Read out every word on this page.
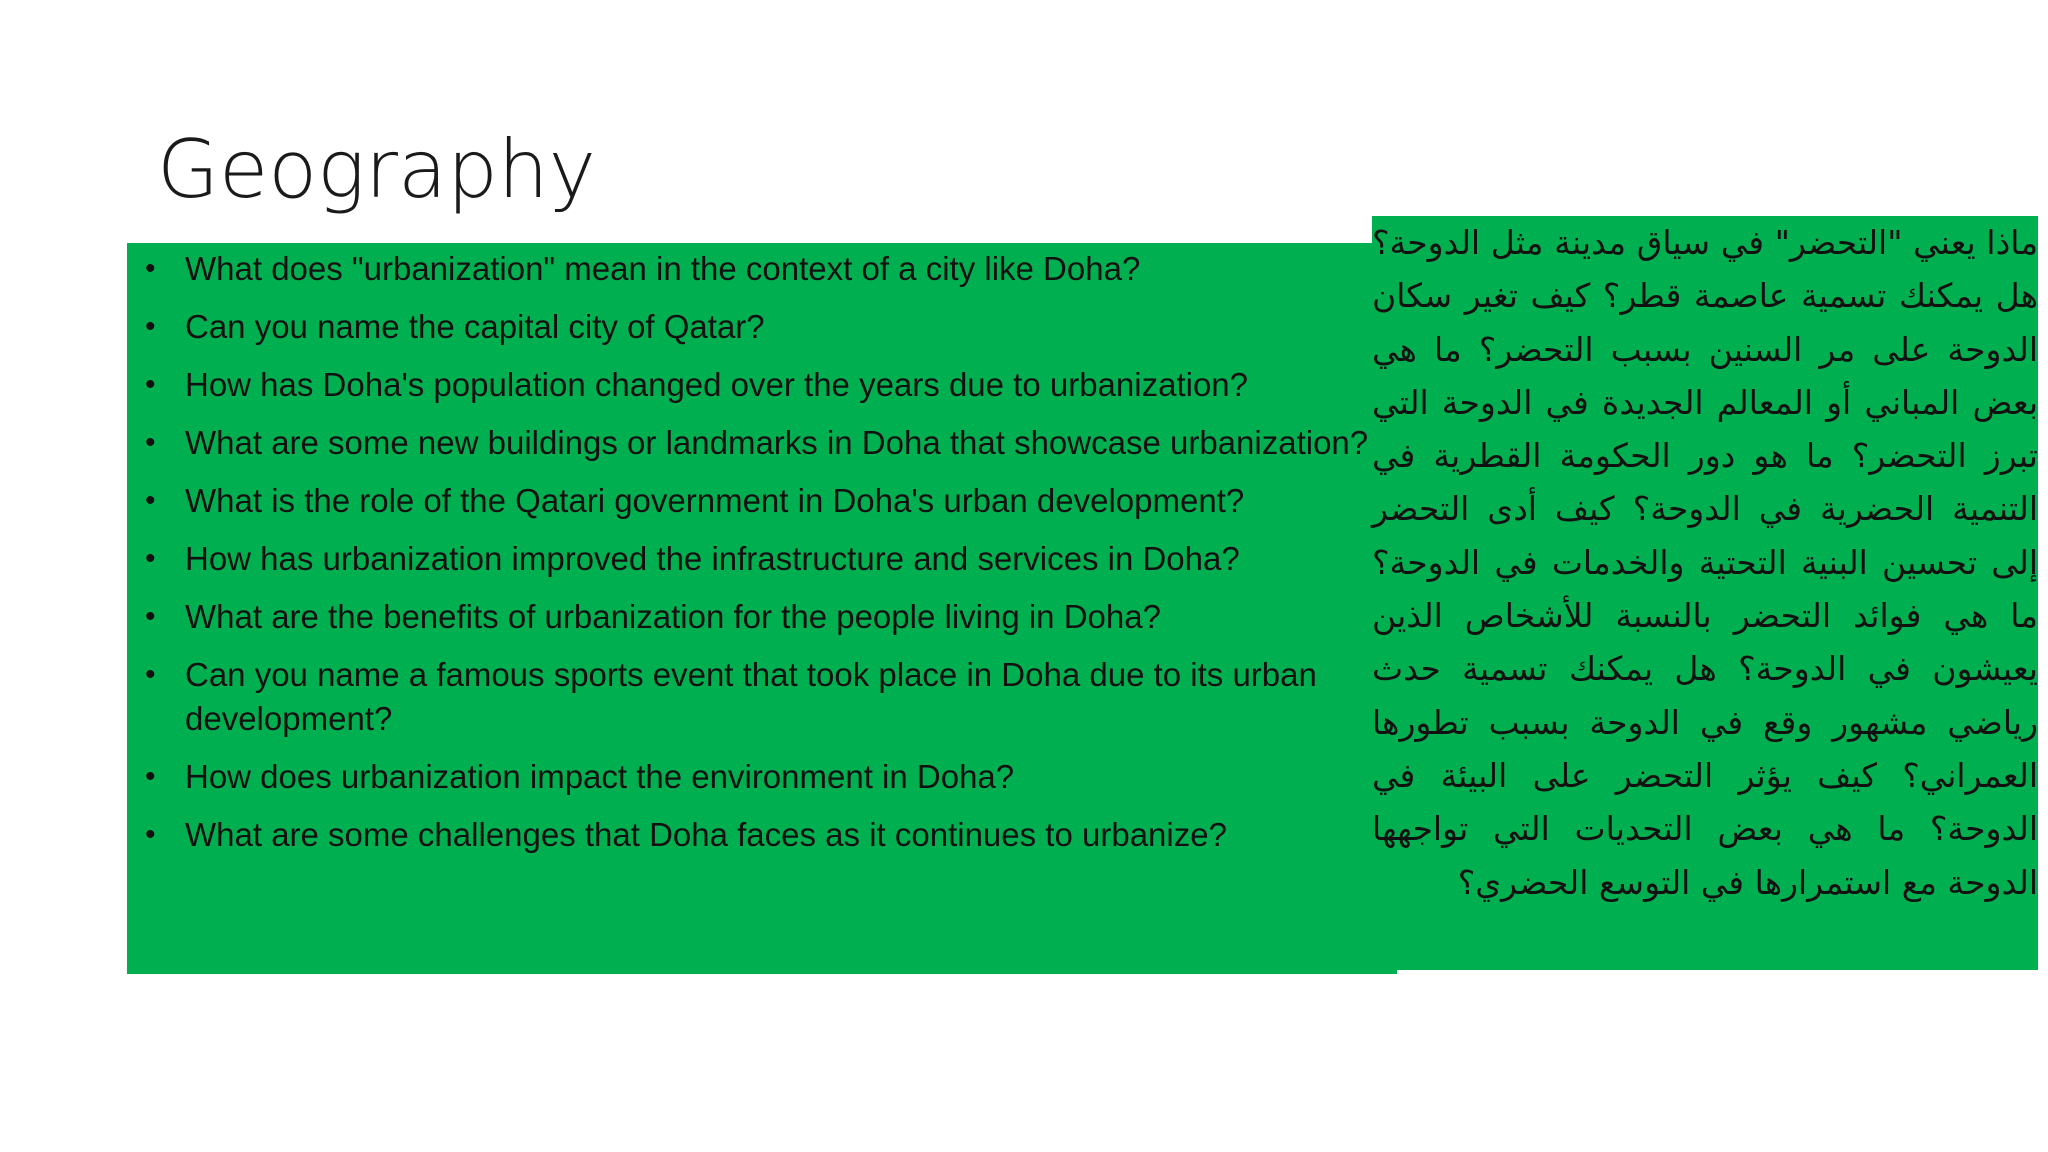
Geography
• What does "urbanization" mean in the context of a city like Doha?
• Can you name the capital city of Qatar?
• How has Doha's population changed over the years due to urbanization?
• What are some new buildings or landmarks in Doha that showcase urbanization?
• What is the role of the Qatari government in Doha's urban development?
• How has urbanization improved the infrastructure and services in Doha?
• What are the benefits of urbanization for the people living in Doha?
• Can you name a famous sports event that took place in Doha due to its urban development?
• How does urbanization impact the environment in Doha?
• What are some challenges that Doha faces as it continues to urbanize?

ماذا يعني "التحضر" في سياق مدينة مثل الدوحة؟ هل يمكنك تسمية عاصمة قطر؟ كيف تغير سكان الدوحة على مر السنين بسبب التحضر؟ ما هي بعض المباني أو المعالم الجديدة في الدوحة التي تبرز التحضر؟ ما هو دور الحكومة القطرية في التنمية الحضرية في الدوحة؟ كيف أدى التحضر إلى تحسين البنية التحتية والخدمات في الدوحة؟ ما هي فوائد التحضر بالنسبة للأشخاص الذين يعيشون في الدوحة؟ هل يمكنك تسمية حدث رياضي مشهور وقع في الدوحة بسبب تطورها العمراني؟ كيف يؤثر التحضر على البيئة في الدوحة؟ ما هي بعض التحديات التي تواجهها الدوحة مع استمرارها في التوسع الحضري؟
